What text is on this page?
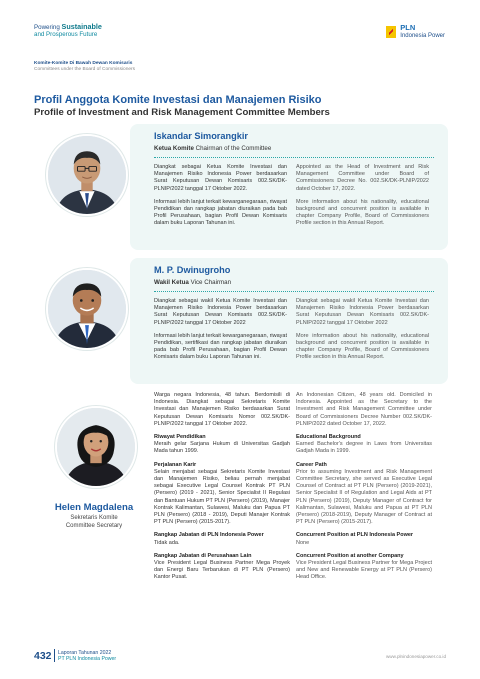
Powering Sustainable
and Prosperous Future
PLN
Indonesia Power
Komite-Komite Di Bawah Dewan Komisaris
Committees under the Board of Commissioners
Profil Anggota Komite Investasi dan Manajemen Risiko
Profile of Investment and Risk Management Committee Members
Iskandar Simorangkir
Ketua Komite Chairman of the Committee

Diangkat sebagai Ketua Komite Investasi dan Manajemen Risiko Indonesia Power berdasarkan Surat Keputusan Dewan Komisaris 002.SK/DK-PLNIP/2022 tanggal 17 Oktober 2022.

Informasi lebih lanjut terkait kewarganegaraan, riwayat Pendidikan dan rangkap jabatan diuraikan pada bab Profil Perusahaan, bagian Profil Dewan Komisaris dalam buku Laporan Tahunan ini.

Appointed as the Head of Investment and Risk Management Committee under Board of Commissioners Decree No. 002.SK/DK-PLNIP/2022 dated October 17, 2022.

More information about his nationality, educational background and concurrent position is available in chapter Company Profile, Board of Commissioners Profile section in this Annual Report.

M. P. Dwinugroho
Wakil Ketua Vice Chairman

Diangkat sebagai wakil Ketua Komite Investasi dan Manajemen Risiko Indonesia Power berdasarkan Surat Keputusan Dewan Komisaris 002.SK/DK-PLNIP/2022 tanggal 17 Oktober 2022

Informasi lebih lanjut terkait kewarganegaraan, riwayat Pendidikan, sertifikasi dan rangkap jabatan diuraikan pada bab Profil Perusahaan, bagian Profil Dewan Komisaris dalam buku Laporan Tahunan ini.

Diangkat sebagai wakil Ketua Komite Investasi dan Manajemen Risiko Indonesia Power berdasarkan Surat Keputusan Dewan Komisaris 002.SK/DK-PLNIP/2022 tanggal 17 Oktober 2022

More information about his nationality, educational background and concurrent position is available in chapter Company Profile, Board of Commissioners Profile section in this Annual Report.

Helen Magdalena
Sekretaris Komite
Committee Secretary

Warga negara Indonesia, 48 tahun. Berdomisili di Indonesia. Diangkat sebagai Sekretaris Komite Investasi dan Manajemen Risiko berdasarkan Surat Keputusan Dewan Komisaris Nomor 002.SK/DK-PLNIP/2022 tanggal 17 Oktober 2022.

Riwayat Pendidikan

Meraih gelar Sarjana Hukum di Universitas Gadjah Mada tahun 1999.

Perjalanan Karir

Selain menjabat sebagai Sekretaris Komite Investasi dan Manajemen Risiko, beliau pernah menjabat sebagai Executive Legal Counsel Kontrak PT PLN (Persero) (2019 - 2021), Senior Specialist II Regulasi dan Bantuan Hukum PT PLN (Persero) (2019), Manajer Kontrak Kalimantan, Sulawesi, Maluku dan Papua PT PLN (Persero) (2018 - 2019), Deputi Manajer Kontrak PT PLN (Persero) (2015-2017).

Rangkap Jabatan di PLN Indonesia Power

Tidak ada.

Rangkap Jabatan di Perusahaan Lain

Vice President Legal Business Partner Mega Proyek dan Energi Baru Terbarukan di PT PLN (Persero) Kantor Pusat.

An Indonesian Citizen, 48 years old. Domiciled in Indonesia. Appointed as the Secretary to the Investment and Risk Management Committee under Board of Commissioners Decree Number 002.SK/DK-PLNIP/2022 dated October 17, 2022.

Educational Background

Earned Bachelor's degree in Laws from Universitas Gadjah Mada in 1999.

Career Path

Prior to assuming Investment and Risk Management Committee Secretary, she served as Executive Legal Counsel of Contract at PT PLN (Persero) (2019-2021), Senior Specialist II of Regulation and Legal Aids at PT PLN (Persero) (2019), Deputy Manager of Contract for Kalimantan, Sulawesi, Maluku and Papua at PT PLN (Persero) (2018-2019), Deputy Manager of Contract at PT PLN (Persero) (2015-2017).

Concurrent Position at PLN Indonesia Power

None

Concurrent Position at another Company

Vice President Legal Business Partner for Mega Project and New and Renewable Energy at PT PLN (Persero) Head Office.

432 Laporan Tahunan 2022
PT PLN Indonesia Power	www.plnindonesiapower.co.id
